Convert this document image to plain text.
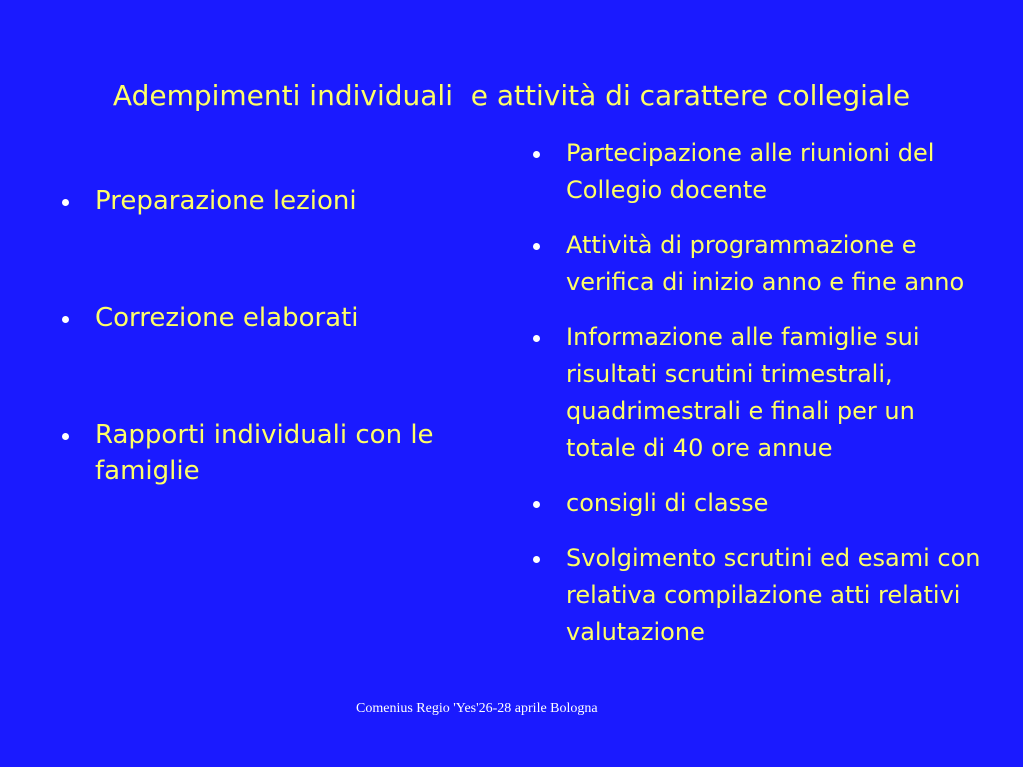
Adempimenti individuali  e attività di carattere collegiale
Preparazione lezioni
Correzione elaborati
Rapporti individuali con le famiglie
Partecipazione alle riunioni del Collegio docente
Attività di programmazione e verifica di inizio anno e fine anno
Informazione alle famiglie sui risultati scrutini trimestrali, quadrimestrali e finali per un totale di 40 ore annue
consigli di classe
Svolgimento scrutini ed esami con relativa compilazione atti relativi valutazione
Comenius Regio 'Yes'26-28 aprile Bologna
